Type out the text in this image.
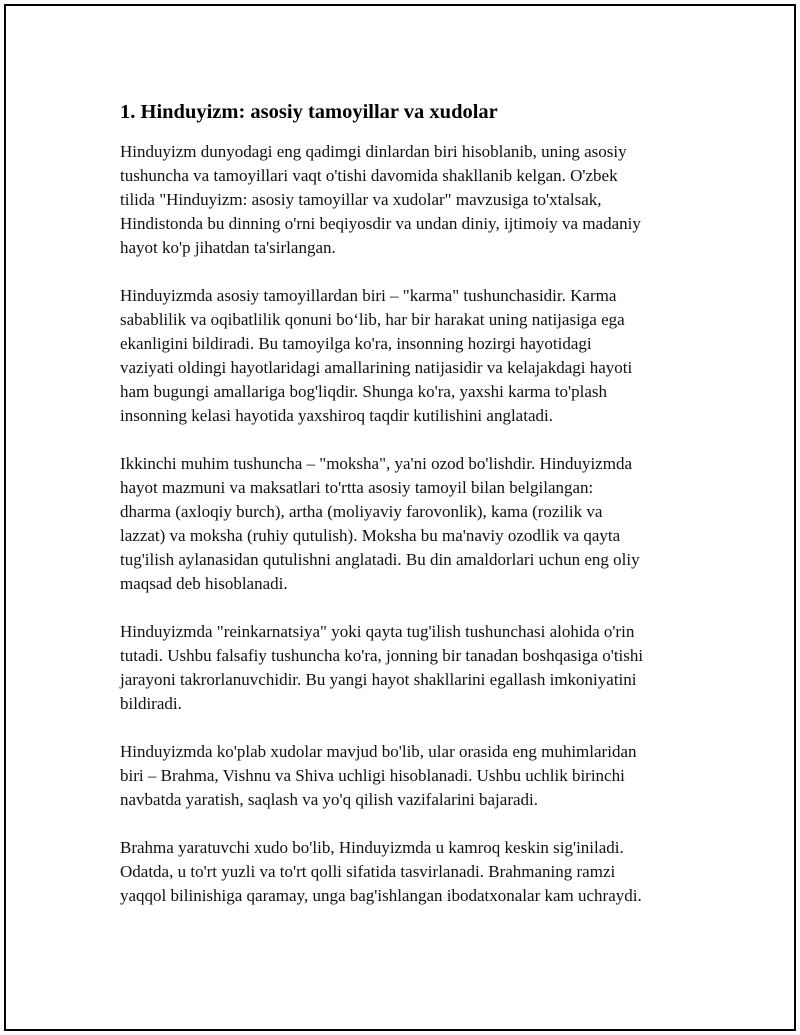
1. Hinduyizm: asosiy tamoyillar va xudolar

Hinduyizm dunyodagi eng qadimgi dinlardan biri hisoblanib, uning asosiy
tushuncha va tamoyillari vaqt o'tishi davomida shakllanib kelgan. O'zbek
tilida "Hinduyizm: asosiy tamoyillar va xudolar" mavzusiga to'xtalsak,
Hindistonda bu dinning o'rni beqiyosdir va undan diniy, ijtimoiy va madaniy
hayot ko'p jihatdan ta'sirlangan.

Hinduyizmda asosiy tamoyillardan biri – "karma" tushunchasidir. Karma
sabablilik va oqibatlilik qonuni bo‘lib, har bir harakat uning natijasiga ega
ekanligini bildiradi. Bu tamoyilga ko'ra, insonning hozirgi hayotidagi
vaziyati oldingi hayotlaridagi amallarining natijasidir va kelajakdagi hayoti
ham bugungi amallariga bog'liqdir. Shunga ko'ra, yaxshi karma to'plash
insonning kelasi hayotida yaxshiroq taqdir kutilishini anglatadi.

Ikkinchi muhim tushuncha – "moksha", ya'ni ozod bo'lishdir. Hinduyizmda
hayot mazmuni va maksatlari to'rtta asosiy tamoyil bilan belgilangan:
dharma (axloqiy burch), artha (moliyaviy farovonlik), kama (rozilik va
lazzat) va moksha (ruhiy qutulish). Moksha bu ma'naviy ozodlik va qayta
tug'ilish aylanasidan qutulishni anglatadi. Bu din amaldorlari uchun eng oliy
maqsad deb hisoblanadi.

Hinduyizmda "reinkarnatsiya" yoki qayta tug'ilish tushunchasi alohida o'rin
tutadi. Ushbu falsafiy tushuncha ko'ra, jonning bir tanadan boshqasiga o'tishi
jarayoni takrorlanuvchidir. Bu yangi hayot shakllarini egallash imkoniyatini
bildiradi.

Hinduyizmda ko'plab xudolar mavjud bo'lib, ular orasida eng muhimlaridan
biri – Brahma, Vishnu va Shiva uchligi hisoblanadi. Ushbu uchlik birinchi
navbatda yaratish, saqlash va yo'q qilish vazifalarini bajaradi.

Brahma yaratuvchi xudo bo'lib, Hinduyizmda u kamroq keskin sig'iniladi.
Odatda, u to'rt yuzli va to'rt qolli sifatida tasvirlanadi. Brahmaning ramzi
yaqqol bilinishiga qaramay, unga bag'ishlangan ibodatxonalar kam uchraydi.
